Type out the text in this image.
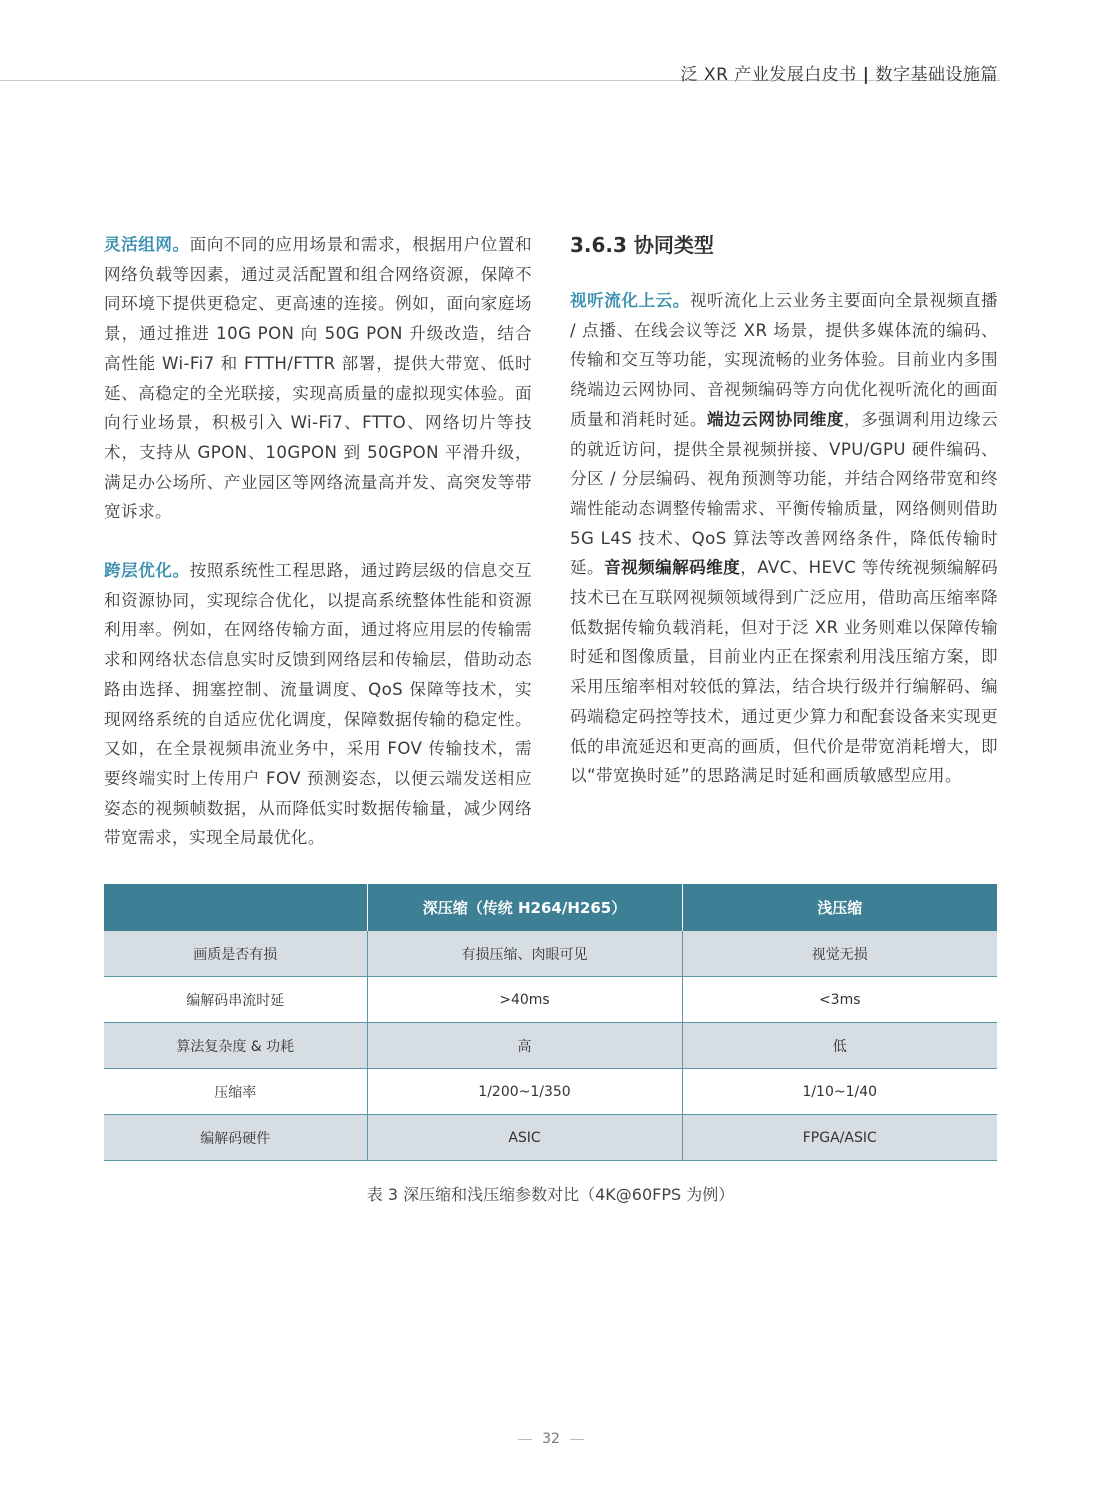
泛 XR 产业发展白皮书 | 数字基础设施篇

灵活组网。面向不同的应用场景和需求，根据用户位置和网络负载等因素，通过灵活配置和组合网络资源，保障不同环境下提供更稳定、更高速的连接。例如，面向家庭场景，通过推进 10G PON 向 50G PON 升级改造，结合高性能 Wi-Fi7 和 FTTH/FTTR 部署，提供大带宽、低时延、高稳定的全光联接，实现高质量的虚拟现实体验。面向行业场景，积极引入 Wi-Fi7、FTTO、网络切片等技术，支持从 GPON、10GPON 到 50GPON 平滑升级，满足办公场所、产业园区等网络流量高并发、高突发等带宽诉求。

跨层优化。按照系统性工程思路，通过跨层级的信息交互和资源协同，实现综合优化，以提高系统整体性能和资源利用率。例如，在网络传输方面，通过将应用层的传输需求和网络状态信息实时反馈到网络层和传输层，借助动态路由选择、拥塞控制、流量调度、QoS 保障等技术，实现网络系统的自适应优化调度，保障数据传输的稳定性。又如，在全景视频串流业务中，采用 FOV 传输技术，需要终端实时上传用户 FOV 预测姿态，以便云端发送相应姿态的视频帧数据，从而降低实时数据传输量，减少网络带宽需求，实现全局最优化。

3.6.3 协同类型

视听流化上云。视听流化上云业务主要面向全景视频直播 / 点播、在线会议等泛 XR 场景，提供多媒体流的编码、传输和交互等功能，实现流畅的业务体验。目前业内多围绕端边云网协同、音视频编码等方向优化视听流化的画面质量和消耗时延。端边云网协同维度，多强调利用边缘云的就近访问，提供全景视频拼接、VPU/GPU 硬件编码、分区 / 分层编码、视角预测等功能，并结合网络带宽和终端性能动态调整传输需求、平衡传输质量，网络侧则借助 5G L4S 技术、QoS 算法等改善网络条件，降低传输时延。音视频编解码维度，AVC、HEVC 等传统视频编解码技术已在互联网视频领域得到广泛应用，借助高压缩率降低数据传输负载消耗，但对于泛 XR 业务则难以保障传输时延和图像质量，目前业内正在探索利用浅压缩方案，即采用压缩率相对较低的算法，结合块行级并行编解码、编码端稳定码控等技术，通过更少算力和配套设备来实现更低的串流延迟和更高的画质，但代价是带宽消耗增大，即以“带宽换时延”的思路满足时延和画质敏感型应用。

	深压缩（传统 H264/H265）	浅压缩
画质是否有损	有损压缩、肉眼可见	视觉无损
编解码串流时延	>40ms	<3ms
算法复杂度 & 功耗	高	低
压缩率	1/200~1/350	1/10~1/40
编解码硬件	ASIC	FPGA/ASIC
表 3 深压缩和浅压缩参数对比（4K@60FPS 为例）
32
